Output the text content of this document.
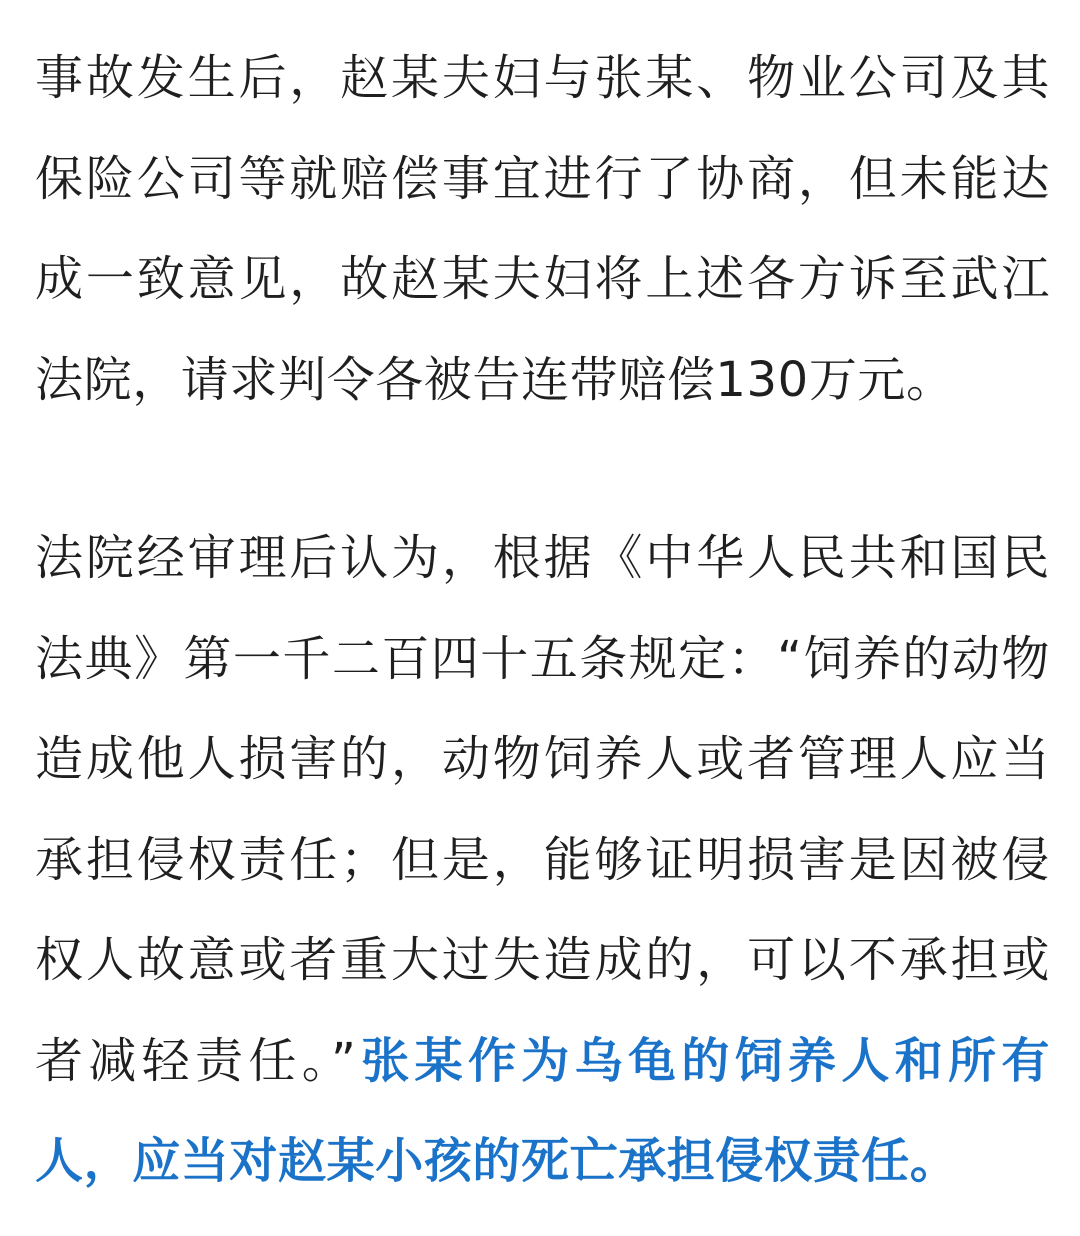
事故发生后，赵某夫妇与张某、物业公司及其保险公司等就赔偿事宜进行了协商，但未能达成一致意见，故赵某夫妇将上述各方诉至武江法院，请求判令各被告连带赔偿130万元。

法院经审理后认为，根据《中华人民共和国民法典》第一千二百四十五条规定：“饲养的动物造成他人损害的，动物饲养人或者管理人应当承担侵权责任；但是，能够证明损害是因被侵权人故意或者重大过失造成的，可以不承担或者减轻责任。”张某作为乌龟的饲养人和所有人，应当对赵某小孩的死亡承担侵权责任。
